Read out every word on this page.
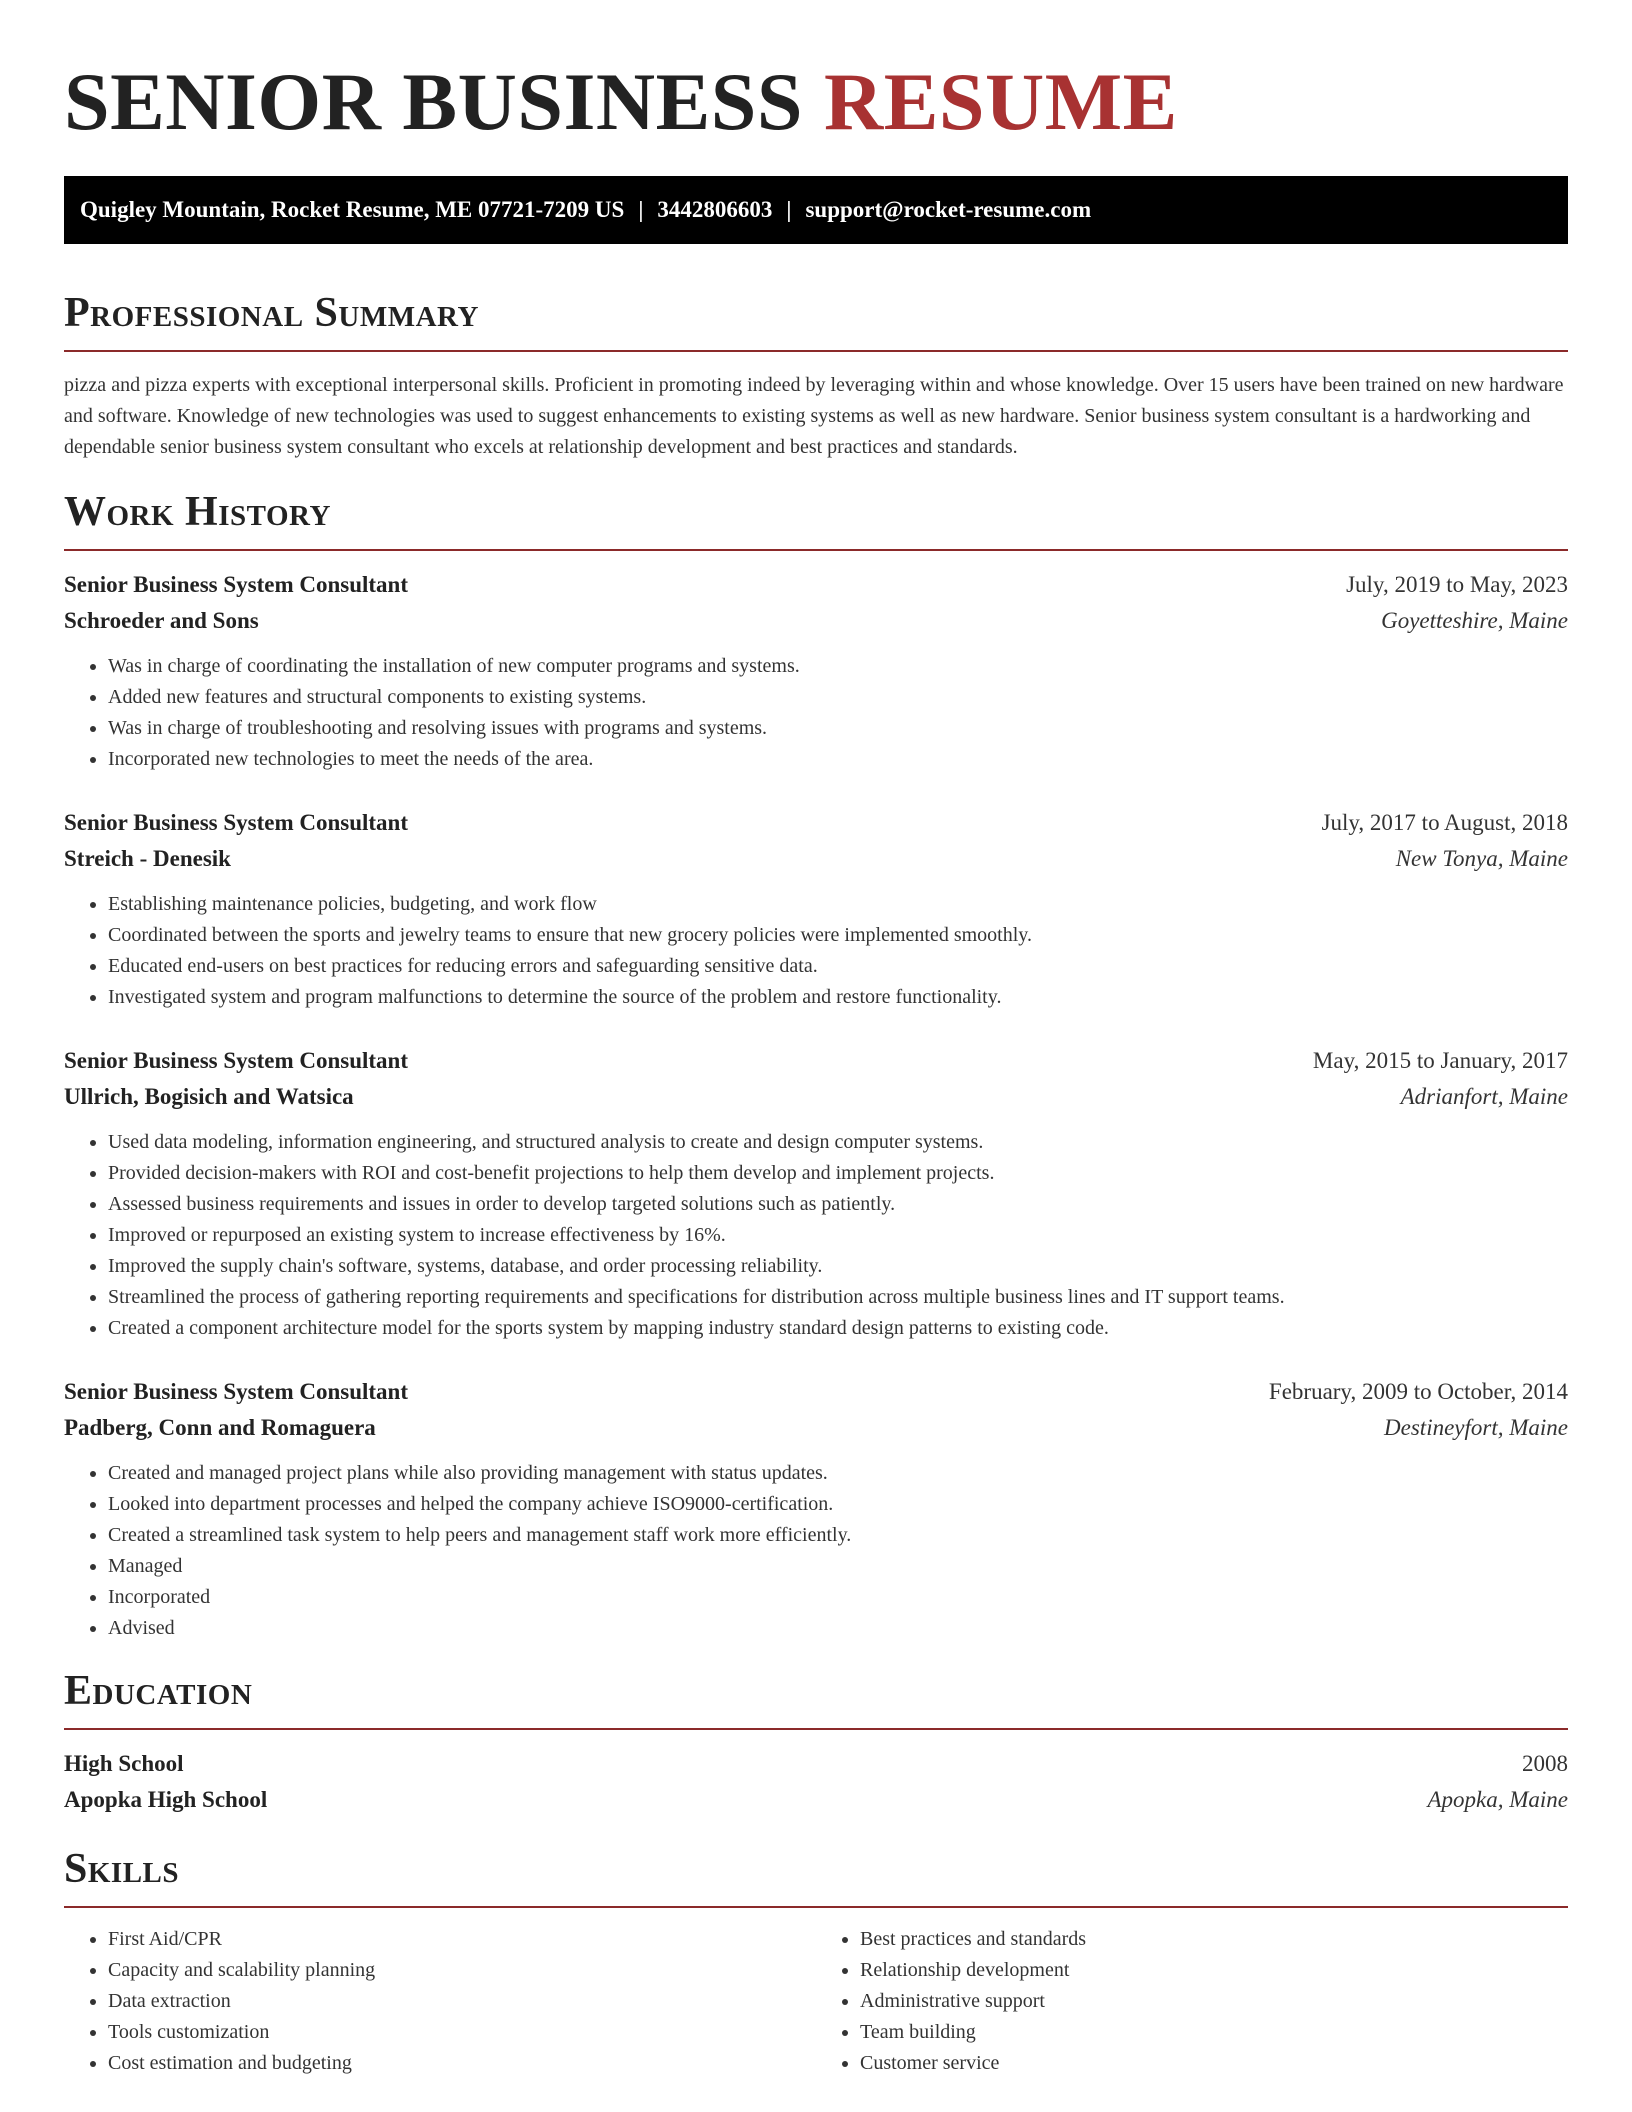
SENIOR BUSINESS RESUME
Quigley Mountain, Rocket Resume, ME 07721-7209 US | 3442806603 | support@rocket-resume.com
Professional Summary

pizza and pizza experts with exceptional interpersonal skills. Proficient in promoting indeed by leveraging within and whose knowledge. Over 15 users have been trained on new hardware and software. Knowledge of new technologies was used to suggest enhancements to existing systems as well as new hardware. Senior business system consultant is a hardworking and dependable senior business system consultant who excels at relationship development and best practices and standards.

Work History
Senior Business System Consultant	July, 2019 to May, 2023
Schroeder and Sons	Goyetteshire, Maine
• Was in charge of coordinating the installation of new computer programs and systems.
• Added new features and structural components to existing systems.
• Was in charge of troubleshooting and resolving issues with programs and systems.
• Incorporated new technologies to meet the needs of the area.
Senior Business System Consultant	July, 2017 to August, 2018
Streich - Denesik	New Tonya, Maine
• Establishing maintenance policies, budgeting, and work flow
• Coordinated between the sports and jewelry teams to ensure that new grocery policies were implemented smoothly.
• Educated end-users on best practices for reducing errors and safeguarding sensitive data.
• Investigated system and program malfunctions to determine the source of the problem and restore functionality.
Senior Business System Consultant	May, 2015 to January, 2017
Ullrich, Bogisich and Watsica	Adrianfort, Maine
• Used data modeling, information engineering, and structured analysis to create and design computer systems.
• Provided decision-makers with ROI and cost-benefit projections to help them develop and implement projects.
• Assessed business requirements and issues in order to develop targeted solutions such as patiently.
• Improved or repurposed an existing system to increase effectiveness by 16%.
• Improved the supply chain's software, systems, database, and order processing reliability.
• Streamlined the process of gathering reporting requirements and specifications for distribution across multiple business lines and IT support teams.
• Created a component architecture model for the sports system by mapping industry standard design patterns to existing code.
Senior Business System Consultant	February, 2009 to October, 2014
Padberg, Conn and Romaguera	Destineyfort, Maine
• Created and managed project plans while also providing management with status updates.
• Looked into department processes and helped the company achieve ISO9000-certification.
• Created a streamlined task system to help peers and management staff work more efficiently.
• Managed
• Incorporated
• Advised
Education
High School	2008
Apopka High School	Apopka, Maine
Skills
• First Aid/CPR
• Capacity and scalability planning
• Data extraction
• Tools customization
• Cost estimation and budgeting
• Best practices and standards
• Relationship development
• Administrative support
• Team building
• Customer service
